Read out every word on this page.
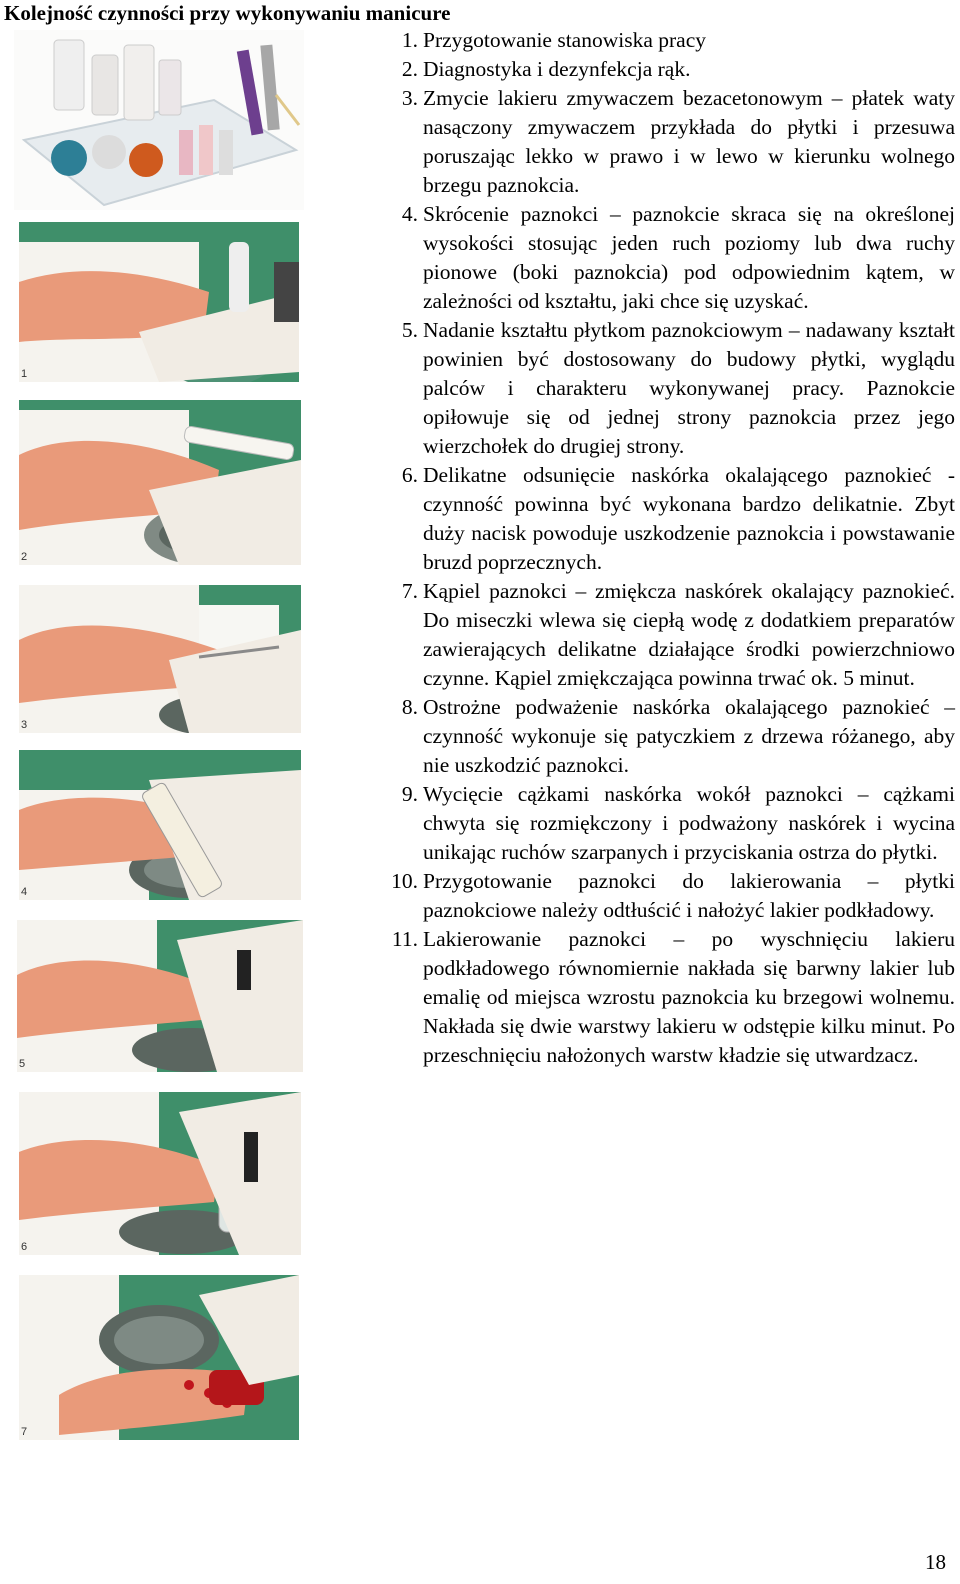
Kolejność czynności przy wykonywaniu manicure
1
2
3
4
5
6
7
1. Przygotowanie stanowiska pracy
2. Diagnostyka i dezynfekcja rąk.
3. Zmycie lakieru zmywaczem bezacetonowym – płatek waty nasączony zmywaczem przykłada do płytki i przesuwa poruszając lekko w prawo i w lewo w kierunku wolnego brzegu paznokcia.
4. Skrócenie paznokci – paznokcie skraca się na określonej wysokości stosując jeden ruch poziomy lub dwa ruchy pionowe (boki paznokcia) pod odpowiednim kątem, w zależności od kształtu, jaki chce się uzyskać.
5. Nadanie kształtu płytkom paznokciowym – nadawany kształt powinien być dostosowany do budowy płytki, wyglądu palców i charakteru wykonywanej pracy. Paznokcie opiłowuje się od jednej strony paznokcia przez jego wierzchołek do drugiej strony.
6. Delikatne odsunięcie naskórka okalającego paznokieć - czynność powinna być wykonana bardzo delikatnie. Zbyt duży nacisk powoduje uszkodzenie paznokcia i powstawanie bruzd poprzecznych.
7. Kąpiel paznokci – zmiękcza naskórek okalający paznokieć. Do miseczki wlewa się ciepłą wodę z dodatkiem preparatów zawierających delikatne działające środki powierzchniowo czynne. Kąpiel zmiękczająca powinna trwać ok. 5 minut.
8. Ostrożne podważenie naskórka okalającego paznokieć – czynność wykonuje się patyczkiem z drzewa różanego, aby nie uszkodzić paznokci.
9. Wycięcie cążkami naskórka wokół paznokci – cążkami chwyta się rozmiękczony i podważony naskórek i wycina unikając ruchów szarpanych i przyciskania ostrza do płytki.
10. Przygotowanie paznokci do lakierowania – płytki paznokciowe należy odtłuścić i nałożyć lakier podkładowy.
11. Lakierowanie paznokci – po wyschnięciu lakieru podkładowego równomiernie nakłada się barwny lakier lub emalię od miejsca wzrostu paznokcia ku brzegowi wolnemu. Nakłada się dwie warstwy lakieru w odstępie kilku minut. Po przeschnięciu nałożonych warstw kładzie się utwardzacz.
18
